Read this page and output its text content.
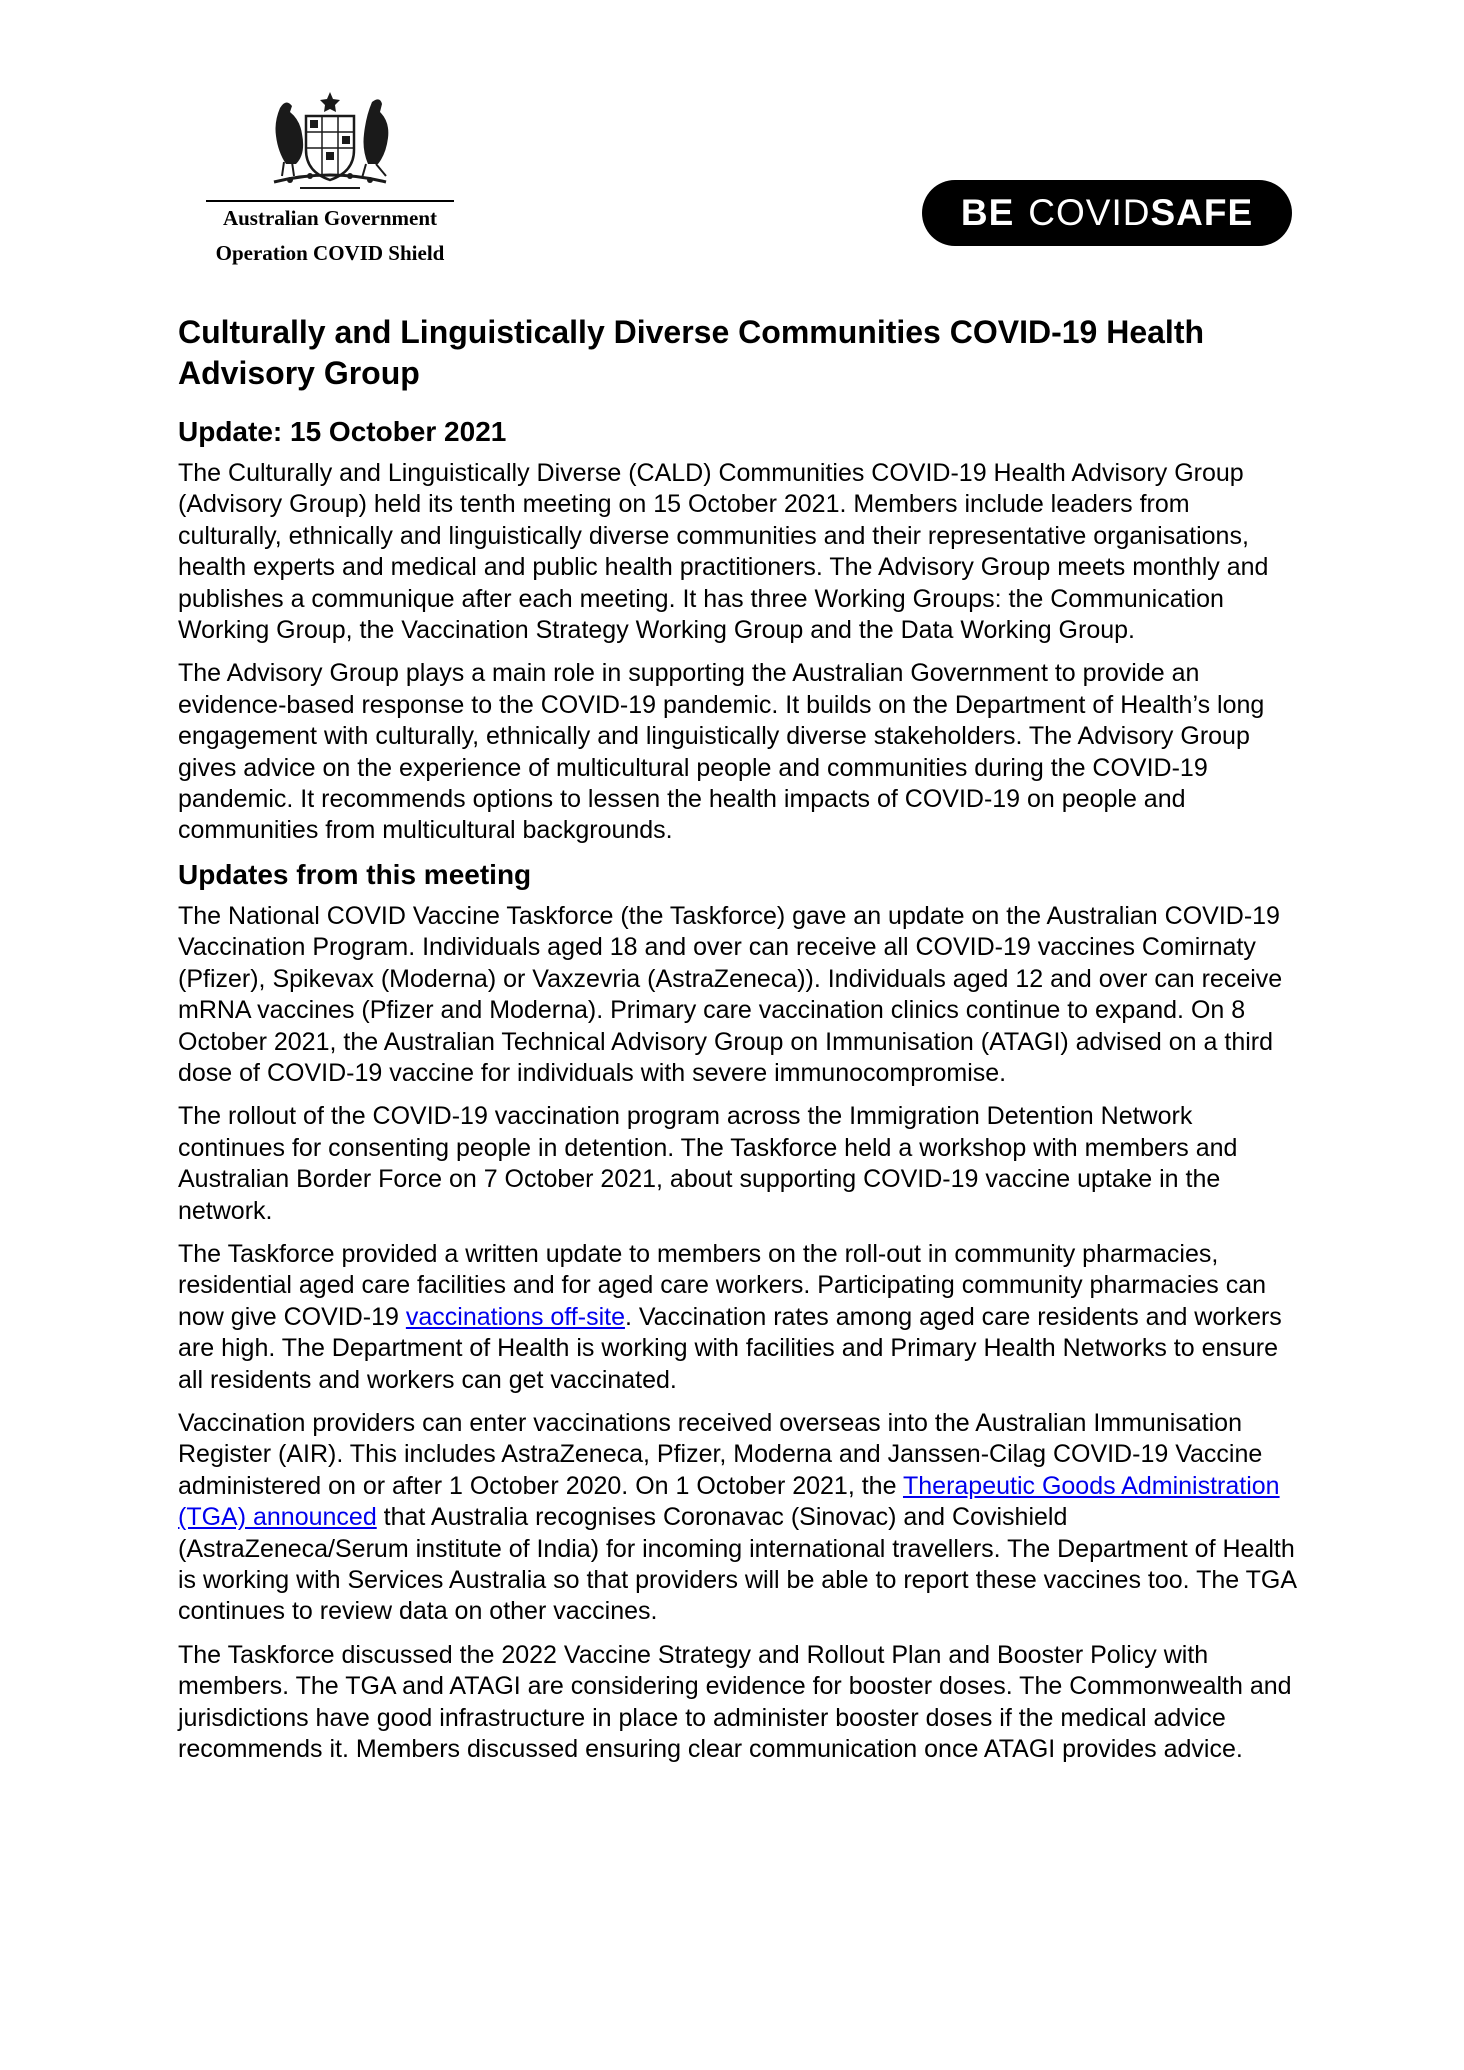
Australian Government
Operation COVID Shield
BE COVID SAFE
Culturally and Linguistically Diverse Communities COVID-19 Health Advisory Group
Update: 15 October 2021

The Culturally and Linguistically Diverse (CALD) Communities COVID-19 Health Advisory Group (Advisory Group) held its tenth meeting on 15 October 2021. Members include leaders from culturally, ethnically and linguistically diverse communities and their representative organisations, health experts and medical and public health practitioners. The Advisory Group meets monthly and publishes a communique after each meeting. It has three Working Groups: the Communication Working Group, the Vaccination Strategy Working Group and the Data Working Group.

The Advisory Group plays a main role in supporting the Australian Government to provide an evidence-based response to the COVID-19 pandemic. It builds on the Department of Health’s long engagement with culturally, ethnically and linguistically diverse stakeholders. The Advisory Group gives advice on the experience of multicultural people and communities during the COVID-19 pandemic. It recommends options to lessen the health impacts of COVID-19 on people and communities from multicultural backgrounds.

Updates from this meeting

The National COVID Vaccine Taskforce (the Taskforce) gave an update on the Australian COVID-19 Vaccination Program. Individuals aged 18 and over can receive all COVID-19 vaccines Comirnaty (Pfizer), Spikevax (Moderna) or Vaxzevria (AstraZeneca)). Individuals aged 12 and over can receive mRNA vaccines (Pfizer and Moderna). Primary care vaccination clinics continue to expand. On 8 October 2021, the Australian Technical Advisory Group on Immunisation (ATAGI) advised on a third dose of COVID-19 vaccine for individuals with severe immunocompromise.

The rollout of the COVID-19 vaccination program across the Immigration Detention Network continues for consenting people in detention. The Taskforce held a workshop with members and Australian Border Force on 7 October 2021, about supporting COVID-19 vaccine uptake in the network.

The Taskforce provided a written update to members on the roll-out in community pharmacies, residential aged care facilities and for aged care workers. Participating community pharmacies can now give COVID-19 vaccinations off-site. Vaccination rates among aged care residents and workers are high. The Department of Health is working with facilities and Primary Health Networks to ensure all residents and workers can get vaccinated.

Vaccination providers can enter vaccinations received overseas into the Australian Immunisation Register (AIR). This includes AstraZeneca, Pfizer, Moderna and Janssen-Cilag COVID-19 Vaccine administered on or after 1 October 2020. On 1 October 2021, the Therapeutic Goods Administration (TGA) announced that Australia recognises Coronavac (Sinovac) and Covishield (AstraZeneca/Serum institute of India) for incoming international travellers. The Department of Health is working with Services Australia so that providers will be able to report these vaccines too. The TGA continues to review data on other vaccines.

The Taskforce discussed the 2022 Vaccine Strategy and Rollout Plan and Booster Policy with members. The TGA and ATAGI are considering evidence for booster doses. The Commonwealth and jurisdictions have good infrastructure in place to administer booster doses if the medical advice recommends it. Members discussed ensuring clear communication once ATAGI provides advice.
